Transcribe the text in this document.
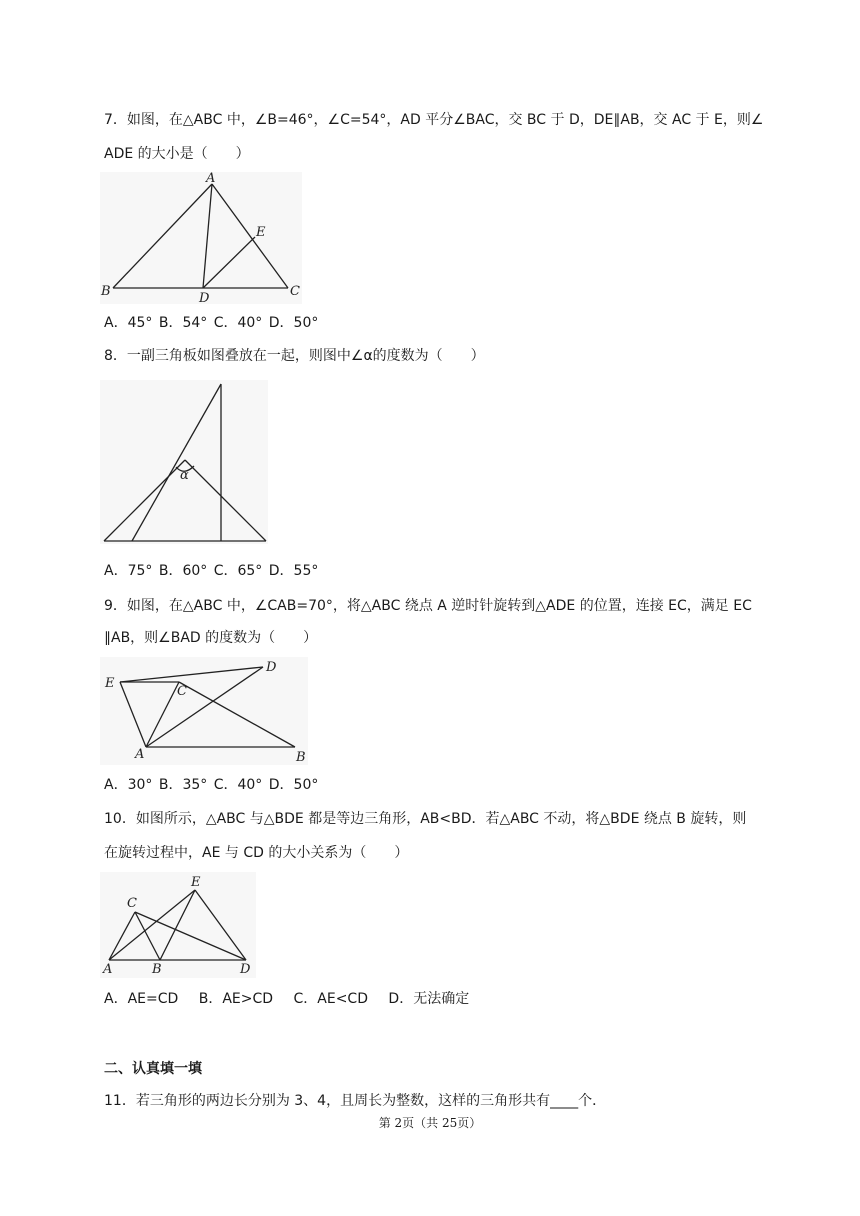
7．如图，在△ABC 中，∠B=46°，∠C=54°，AD 平分∠BAC，交 BC 于 D，DE∥AB，交 AC 于 E，则∠
ADE 的大小是（　　）
A
B	C
D
E
A．45° B．54° C．40° D．50°
8．一副三角板如图叠放在一起，则图中∠α的度数为（　　）
α
A．75° B．60° C．65° D．55°
9．如图，在△ABC 中，∠CAB=70°，将△ABC 绕点 A 逆时针旋转到△ADE 的位置，连接 EC，满足 EC
∥AB，则∠BAD 的度数为（　　）
E
D
C
A	B
A．30° B．35° C．40° D．50°
10．如图所示，△ABC 与△BDE 都是等边三角形，AB<BD．若△ABC 不动，将△BDE 绕点 B 旋转，则
在旋转过程中，AE 与 CD 的大小关系为（　　）
E
C
A	B	D
A．AE=CD　 B．AE>CD　 C．AE<CD　 D．无法确定
二、认真填一填
11．若三角形的两边长分别为 3、4，且周长为整数，这样的三角形共有____个．
第 2页（共 25页）
